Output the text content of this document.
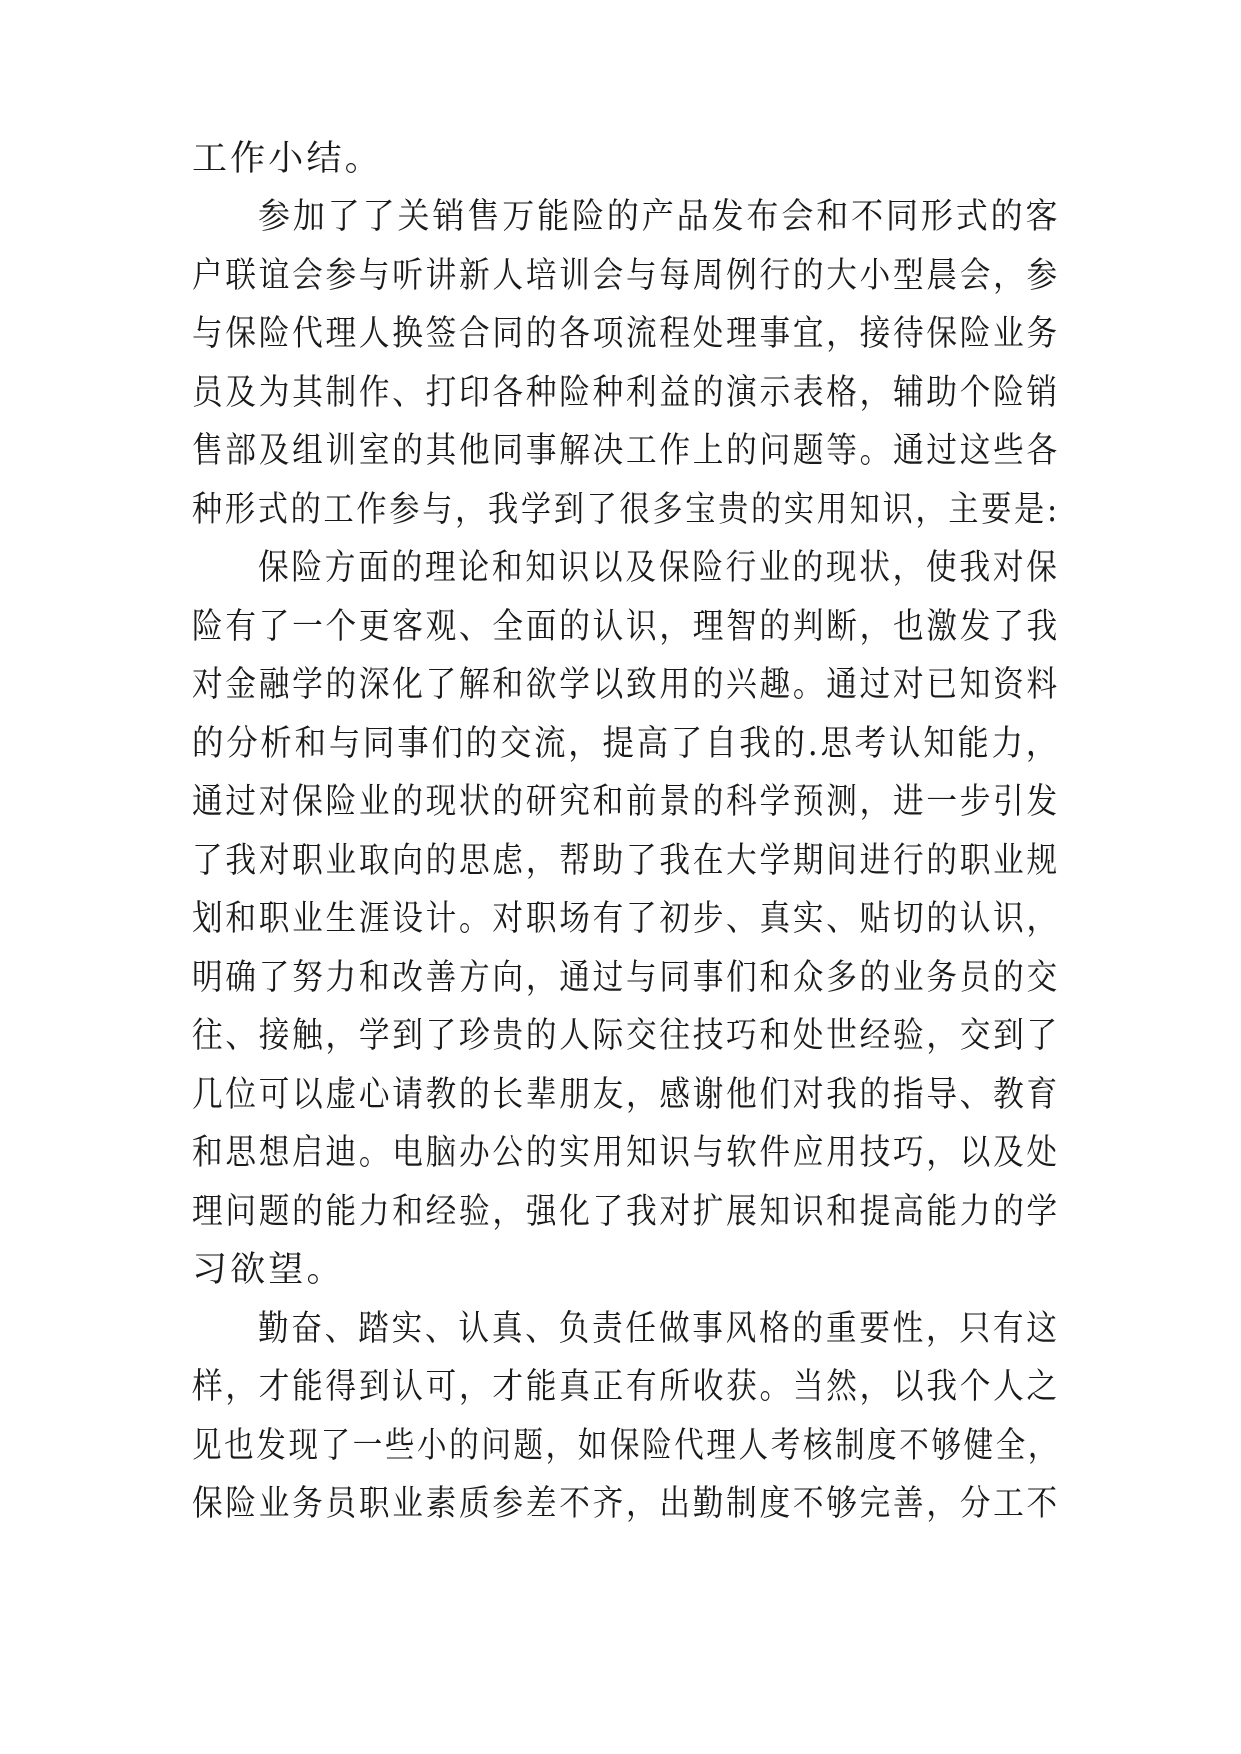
工作小结。
参加了了关销售万能险的产品发布会和不同形式的客
户联谊会参与听讲新人培训会与每周例行的大小型晨会，参
与保险代理人换签合同的各项流程处理事宜，接待保险业务
员及为其制作、打印各种险种利益的演示表格，辅助个险销
售部及组训室的其他同事解决工作上的问题等。通过这些各
种形式的工作参与，我学到了很多宝贵的实用知识，主要是:
保险方面的理论和知识以及保险行业的现状，使我对保
险有了一个更客观、全面的认识，理智的判断，也激发了我
对金融学的深化了解和欲学以致用的兴趣。通过对已知资料
的分析和与同事们的交流，提高了自我的.思考认知能力，
通过对保险业的现状的研究和前景的科学预测，进一步引发
了我对职业取向的思虑，帮助了我在大学期间进行的职业规
划和职业生涯设计。对职场有了初步、真实、贴切的认识，
明确了努力和改善方向，通过与同事们和众多的业务员的交
往、接触，学到了珍贵的人际交往技巧和处世经验，交到了
几位可以虚心请教的长辈朋友，感谢他们对我的指导、教育
和思想启迪。电脑办公的实用知识与软件应用技巧，以及处
理问题的能力和经验，强化了我对扩展知识和提高能力的学
习欲望。
勤奋、踏实、认真、负责任做事风格的重要性，只有这
样，才能得到认可，才能真正有所收获。当然，以我个人之
见也发现了一些小的问题，如保险代理人考核制度不够健全，
保险业务员职业素质参差不齐，出勤制度不够完善，分工不
